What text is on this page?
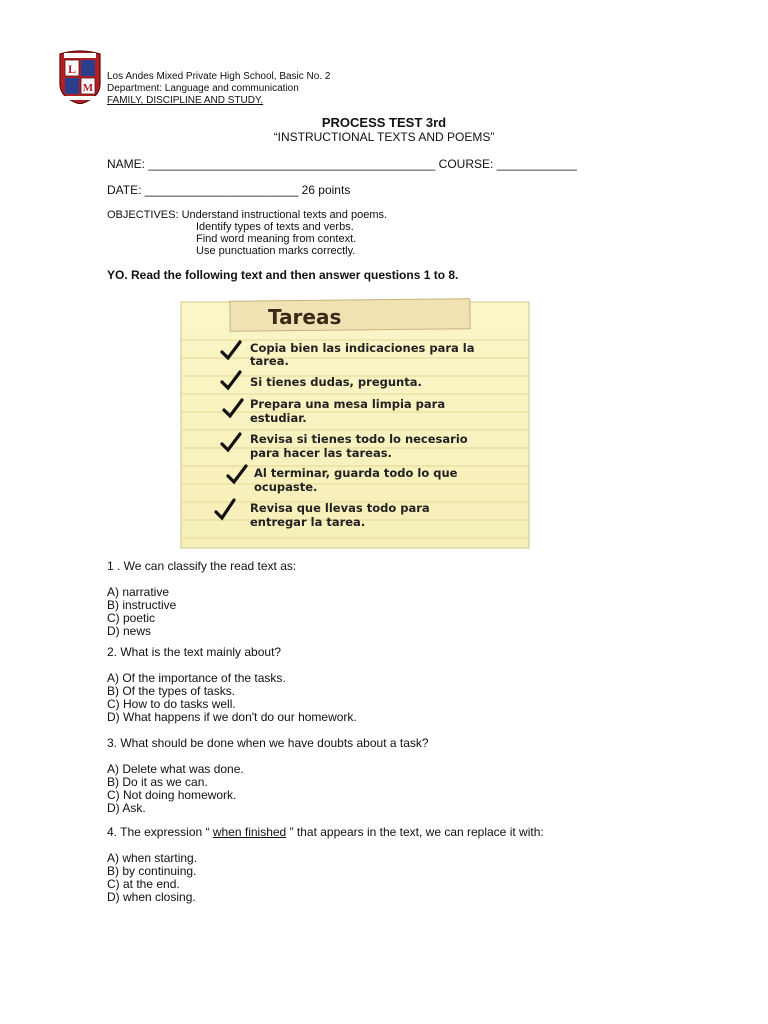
L
M
Los Andes Mixed Private High School, Basic No. 2
Department: Language and communication
FAMILY, DISCIPLINE AND STUDY.
PROCESS TEST 3rd
“INSTRUCTIONAL TEXTS AND POEMS”
NAME: ___________________________________________ COURSE: ____________
DATE: _______________________ 26 points
OBJECTIVES: Understand instructional texts and poems.
Identify types of texts and verbs.
Find word meaning from context.
Use punctuation marks correctly.
YO. Read the following text and then answer questions 1 to 8.
Tareas
Copia bien las indicaciones para la
tarea.
Si tienes dudas, pregunta.
Prepara una mesa limpia para
estudiar.
Revisa si tienes todo lo necesario
para hacer las tareas.
Al terminar, guarda todo lo que
ocupaste.
Revisa que llevas todo para
entregar la tarea.
1 . We can classify the read text as:
A) narrative
B) instructive
C) poetic
D) news
2. What is the text mainly about?
A) Of the importance of the tasks.
B) Of the types of tasks.
C) How to do tasks well.
D) What happens if we don't do our homework.
3. What should be done when we have doubts about a task?
A) Delete what was done.
B) Do it as we can.
C) Not doing homework.
D) Ask.
4. The expression “ when finished ” that appears in the text, we can replace it with:
A) when starting.
B) by continuing.
C) at the end.
D) when closing.
